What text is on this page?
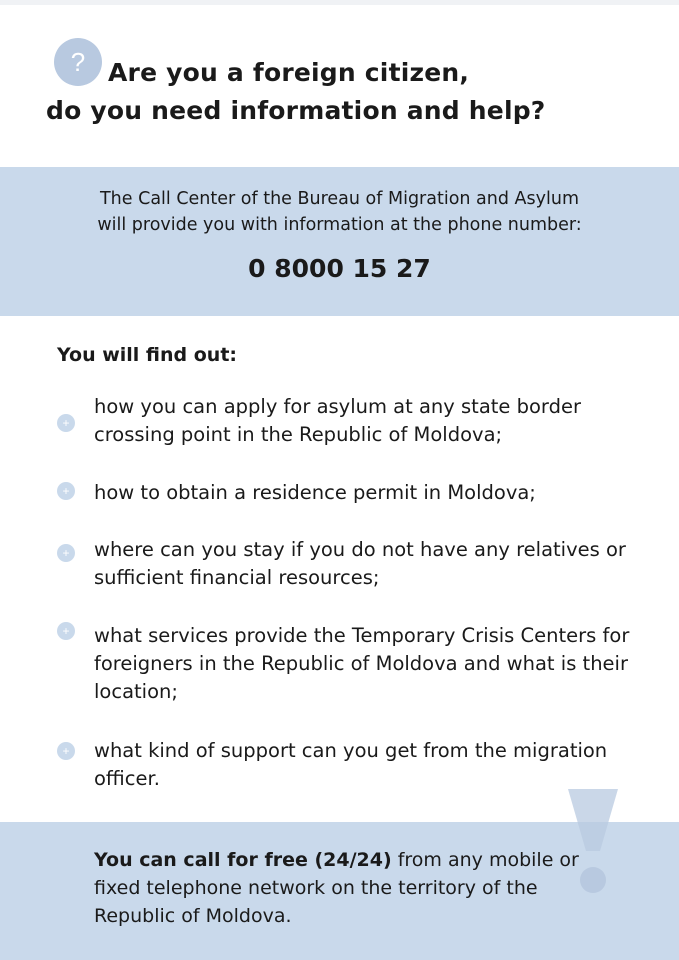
? Are you a foreign citizen,
do you need information and help?
The Call Center of the Bureau of Migration and Asylum
will provide you with information at the phone number:
0 8000 15 27
You will find out:
+
how you can apply for asylum at any state border crossing point in the Republic of Moldova;
+ how to obtain a residence permit in Moldova;
+ where can you stay if you do not have any relatives or sufficient financial resources;
+ what services provide the Temporary Crisis Centers for foreigners in the Republic of Moldova and what is their location;
+ what kind of support can you get from the migration officer.
You can call for free (24/24) from any mobile or fixed telephone network on the territory of the Republic of Moldova.
